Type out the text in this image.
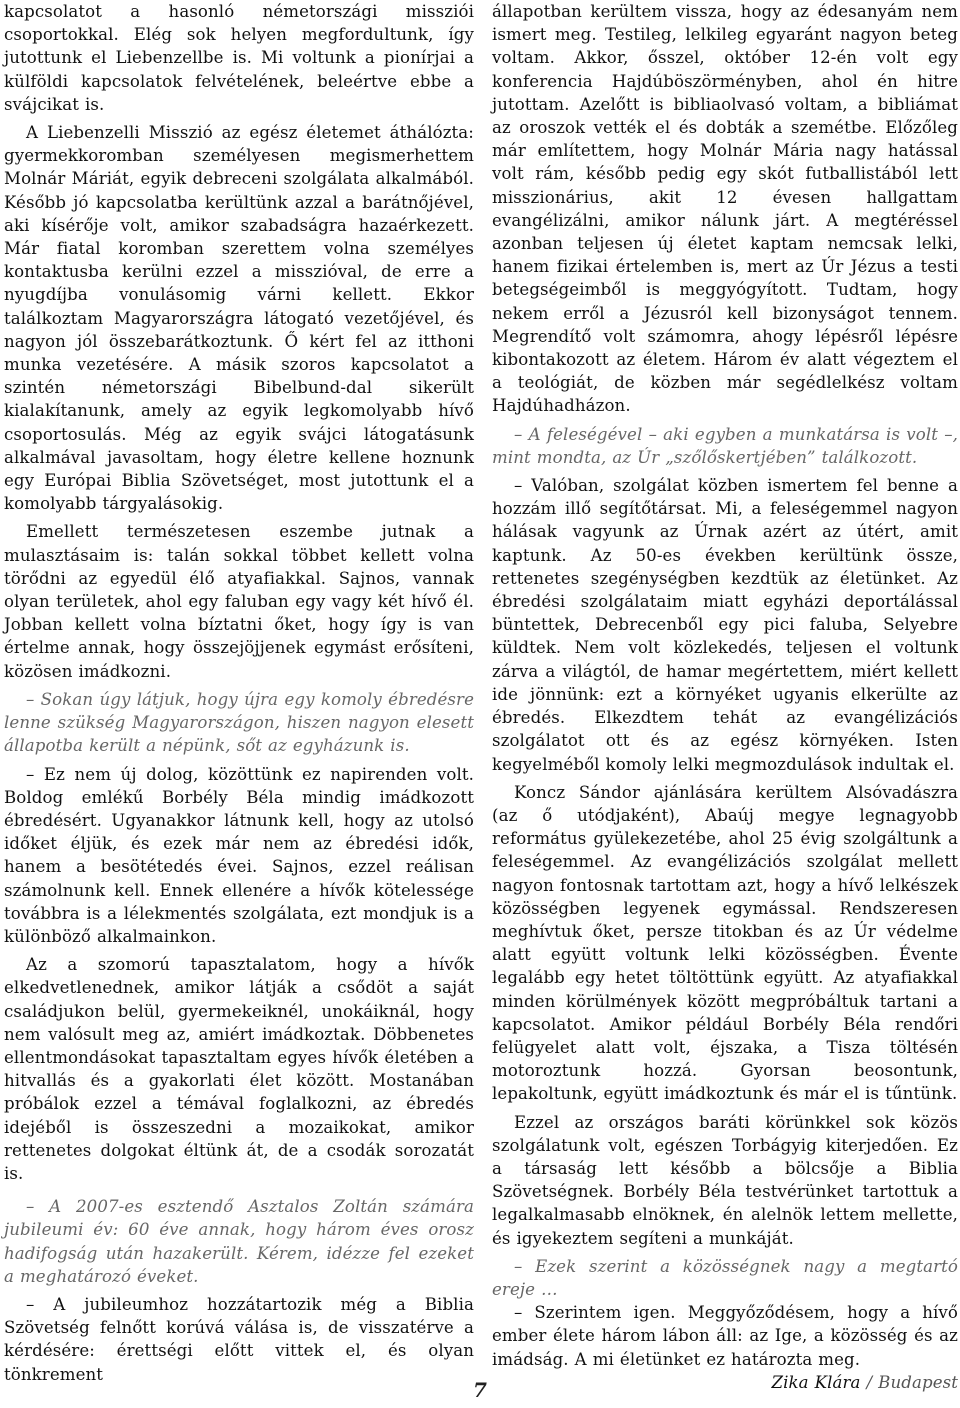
kapcsolatot a hasonló németországi missziói csoportokkal. Elég sok helyen megfordultunk, így jutottunk el Liebenzellbe is. Mi voltunk a pionírjai a külföldi kapcsolatok felvételének, beleértve ebbe a svájcikat is.

A Liebenzelli Misszió az egész életemet áthálózta: gyermekkoromban személyesen megismerhettem Molnár Máriát, egyik debreceni szolgálata alkalmából. Később jó kapcsolatba kerültünk azzal a barátnőjével, aki kísérője volt, amikor szabadságra hazaérkezett. Már fiatal koromban szerettem volna személyes kontaktusba kerülni ezzel a misszióval, de erre a nyugdíjba vonulásomig várni kellett. Ekkor találkoztam Magyarországra látogató vezetőjével, és nagyon jól összebarátkoztunk. Ő kért fel az itthoni munka vezetésére. A másik szoros kapcsolatot a szintén németországi Bibelbund-dal sikerült kialakítanunk, amely az egyik legkomolyabb hívő csoportosulás. Még az egyik svájci látogatásunk alkalmával javasoltam, hogy életre kellene hoznunk egy Európai Biblia Szövetséget, most jutottunk el a komolyabb tárgyalásokig.

Emellett természetesen eszembe jutnak a mulasztásaim is: talán sokkal többet kellett volna törődni az egyedül élő atyafiakkal. Sajnos, vannak olyan területek, ahol egy faluban egy vagy két hívő él. Jobban kellett volna bíztatni őket, hogy így is van értelme annak, hogy összejöjjenek egymást erősíteni, közösen imádkozni.

– Sokan úgy látjuk, hogy újra egy komoly ébredésre lenne szükség Magyarországon, hiszen nagyon elesett állapotba került a népünk, sőt az egyházunk is.

– Ez nem új dolog, közöttünk ez napirenden volt. Boldog emlékű Borbély Béla mindig imádkozott ébredésért. Ugyanakkor látnunk kell, hogy az utolsó időket éljük, és ezek már nem az ébredési idők, hanem a besötétedés évei. Sajnos, ezzel reálisan számolnunk kell. Ennek ellenére a hívők kötelessége továbbra is a lélekmentés szolgálata, ezt mondjuk is a különböző alkalmainkon.

Az a szomorú tapasztalatom, hogy a hívők elkedvetlenednek, amikor látják a csődöt a saját családjukon belül, gyermekeiknél, unokáiknál, hogy nem valósult meg az, amiért imádkoztak. Döbbenetes ellentmondásokat tapasztaltam egyes hívők életében a hitvallás és a gyakorlati élet között. Mostanában próbálok ezzel a témával foglalkozni, az ébredés idejéből is összeszedni a mozaikokat, amikor rettenetes dolgokat éltünk át, de a csodák sorozatát is.

– A 2007-es esztendő Asztalos Zoltán számára jubileumi év: 60 éve annak, hogy három éves orosz hadifogság után hazakerült. Kérem, idézze fel ezeket a meghatározó éveket.

– A jubileumhoz hozzátartozik még a Biblia Szövetség felnőtt korúvá válása is, de visszatérve a kérdésére: érettségi előtt vittek el, és olyan tönkrement

állapotban kerültem vissza, hogy az édesanyám nem ismert meg. Testileg, lelkileg egyaránt nagyon beteg voltam. Akkor, ősszel, október 12-én volt egy konferencia Hajdúböszörményben, ahol én hitre jutottam. Azelőtt is bibliaolvasó voltam, a bibliámat az oroszok vették el és dobták a szemétbe. Előzőleg már említettem, hogy Molnár Mária nagy hatással volt rám, később pedig egy skót futballistából lett misszionárius, akit 12 évesen hallgattam evangélizálni, amikor nálunk járt. A megtéréssel azonban teljesen új életet kaptam nemcsak lelki, hanem fizikai értelemben is, mert az Úr Jézus a testi betegségeimből is meggyógyított. Tudtam, hogy nekem erről a Jézusról kell bizonyságot tennem. Megrendítő volt számomra, ahogy lépésről lépésre kibontakozott az életem. Három év alatt végeztem el a teológiát, de közben már segédlelkész voltam Hajdúhadházon.

– A feleségével – aki egyben a munkatársa is volt –, mint mondta, az Úr „szőlőskertjében” találkozott.

– Valóban, szolgálat közben ismertem fel benne a hozzám illő segítőtársat. Mi, a feleségemmel nagyon hálásak vagyunk az Úrnak azért az útért, amit kaptunk. Az 50-es években kerültünk össze, rettenetes szegénységben kezdtük az életünket. Az ébredési szolgálataim miatt egyházi deportálással büntettek, Debrecenből egy pici faluba, Selyebre küldtek. Nem volt közlekedés, teljesen el voltunk zárva a világtól, de hamar megértettem, miért kellett ide jönnünk: ezt a környéket ugyanis elkerülte az ébredés. Elkezdtem tehát az evangélizációs szolgálatot ott és az egész környéken. Isten kegyelméből komoly lelki megmozdulások indultak el.

Koncz Sándor ajánlására kerültem Alsóvadászra (az ő utódjaként), Abaúj megye legnagyobb református gyülekezetébe, ahol 25 évig szolgáltunk a feleségemmel. Az evangélizációs szolgálat mellett nagyon fontosnak tartottam azt, hogy a hívő lelkészek közösségben legyenek egymással. Rendszeresen meghívtuk őket, persze titokban és az Úr védelme alatt együtt voltunk lelki közösségben. Évente legalább egy hetet töltöttünk együtt. Az atyafiakkal minden körülmények között megpróbáltuk tartani a kapcsolatot. Amikor például Borbély Béla rendőri felügyelet alatt volt, éjszaka, a Tisza töltésén motoroztunk hozzá. Gyorsan beosontunk, lepakoltunk, együtt imádkoztunk és már el is tűntünk.

Ezzel az országos baráti körünkkel sok közös szolgálatunk volt, egészen Torbágyig kiterjedően. Ez a társaság lett később a bölcsője a Biblia Szövetségnek. Borbély Béla testvérünket tartottuk a legalkalmasabb elnöknek, én alelnök lettem mellette, és igyekeztem segíteni a munkáját.

– Ezek szerint a közösségnek nagy a megtartó ereje …

– Szerintem igen. Meggyőződésem, hogy a hívő ember élete három lábon áll: az Ige, a közösség és az imádság. A mi életünket ez határozta meg.

Zika Klára / Budapest

7
